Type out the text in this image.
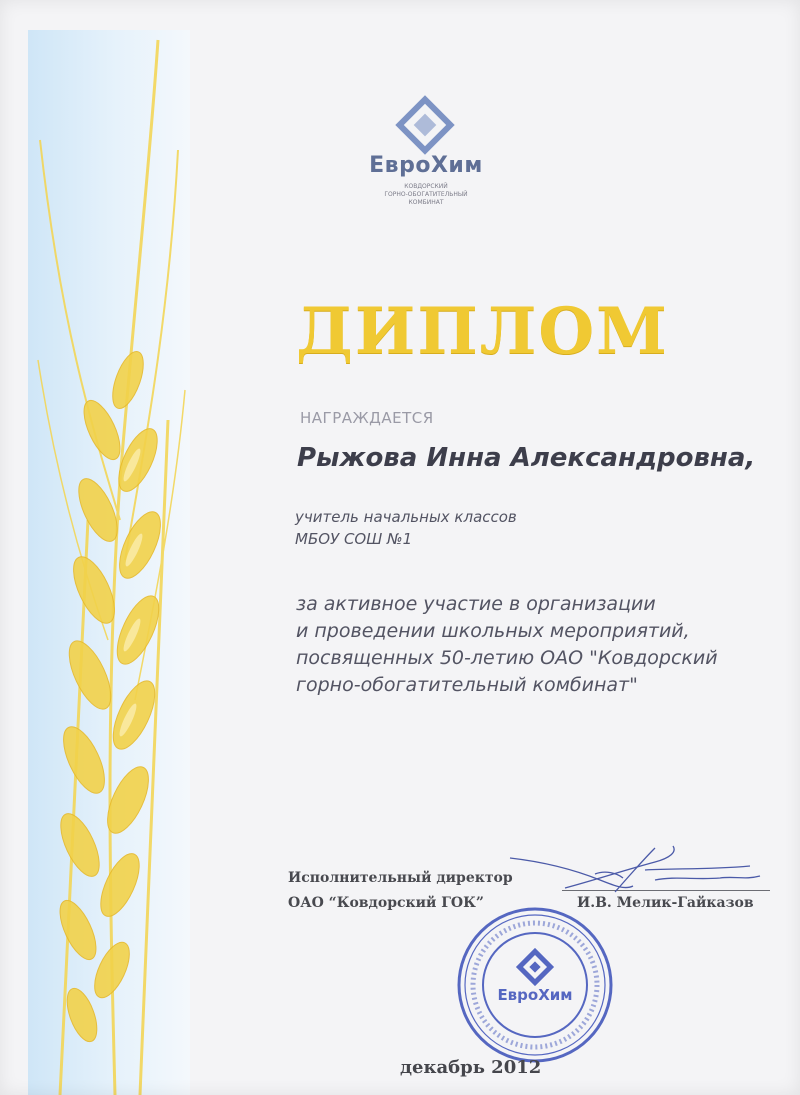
ЕвроХим
КОВДОРСКИЙ
ГОРНО-ОБОГАТИТЕЛЬНЫЙ
КОМБИНАТ
ДИПЛОМ
НАГРАЖДАЕТСЯ
Рыжова Инна Александровна,
учитель начальных классов
МБОУ СОШ №1
за активное участие в организации
и проведении школьных мероприятий,
посвященных 50-летию ОАО "Ковдорский
горно-обогатительный комбинат"
Исполнительный директор
ОАО “Ковдорский ГОК”	И.В. Мелик-Гайказов
ЕвроХим
декабрь 2012
